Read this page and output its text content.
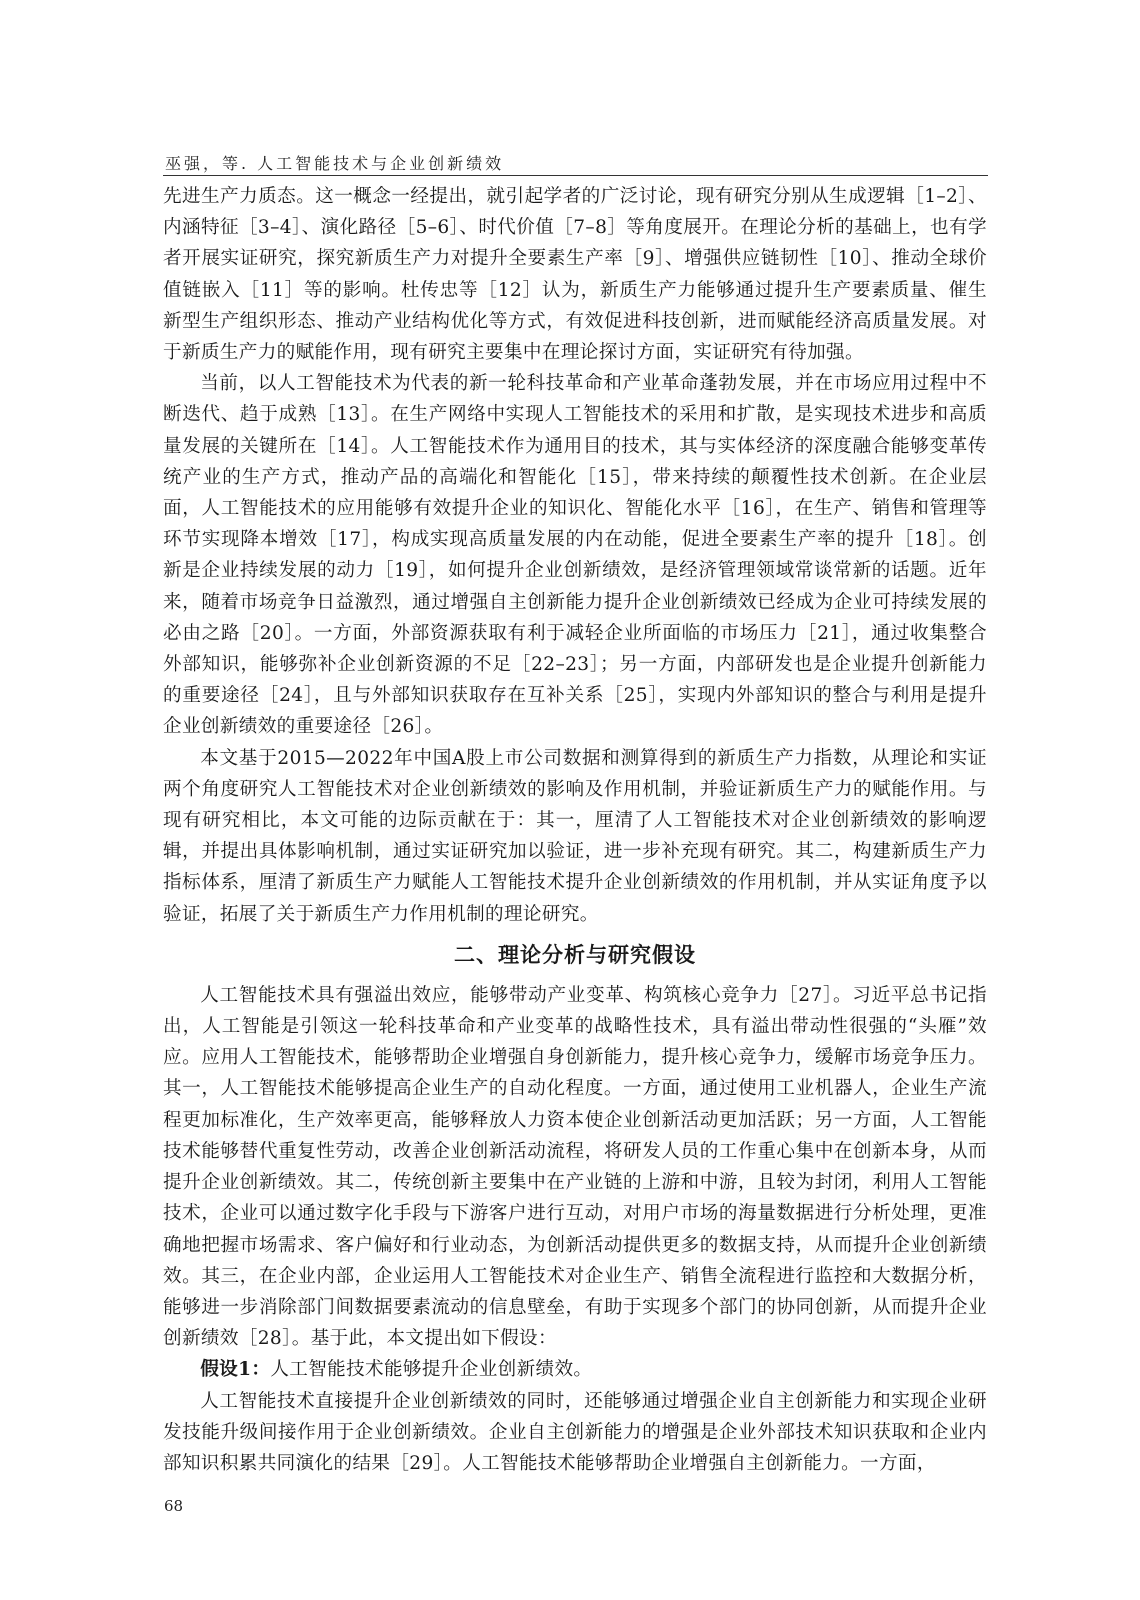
巫强，等. 人工智能技术与企业创新绩效

先进生产力质态。这一概念一经提出，就引起学者的广泛讨论，现有研究分别从生成逻辑［1–2］、内涵特征［3–4］、演化路径［5–6］、时代价值［7–8］等角度展开。在理论分析的基础上，也有学者开展实证研究，探究新质生产力对提升全要素生产率［9］、增强供应链韧性［10］、推动全球价值链嵌入［11］等的影响。杜传忠等［12］认为，新质生产力能够通过提升生产要素质量、催生新型生产组织形态、推动产业结构优化等方式，有效促进科技创新，进而赋能经济高质量发展。对于新质生产力的赋能作用，现有研究主要集中在理论探讨方面，实证研究有待加强。

当前，以人工智能技术为代表的新一轮科技革命和产业革命蓬勃发展，并在市场应用过程中不断迭代、趋于成熟［13］。在生产网络中实现人工智能技术的采用和扩散，是实现技术进步和高质量发展的关键所在［14］。人工智能技术作为通用目的技术，其与实体经济的深度融合能够变革传统产业的生产方式，推动产品的高端化和智能化［15］，带来持续的颠覆性技术创新。在企业层面，人工智能技术的应用能够有效提升企业的知识化、智能化水平［16］，在生产、销售和管理等环节实现降本增效［17］，构成实现高质量发展的内在动能，促进全要素生产率的提升［18］。创新是企业持续发展的动力［19］，如何提升企业创新绩效，是经济管理领域常谈常新的话题。近年来，随着市场竞争日益激烈，通过增强自主创新能力提升企业创新绩效已经成为企业可持续发展的必由之路［20］。一方面，外部资源获取有利于减轻企业所面临的市场压力［21］，通过收集整合外部知识，能够弥补企业创新资源的不足［22–23］；另一方面，内部研发也是企业提升创新能力的重要途径［24］，且与外部知识获取存在互补关系［25］，实现内外部知识的整合与利用是提升企业创新绩效的重要途径［26］。

本文基于2015—2022年中国A股上市公司数据和测算得到的新质生产力指数，从理论和实证两个角度研究人工智能技术对企业创新绩效的影响及作用机制，并验证新质生产力的赋能作用。与现有研究相比，本文可能的边际贡献在于：其一，厘清了人工智能技术对企业创新绩效的影响逻辑，并提出具体影响机制，通过实证研究加以验证，进一步补充现有研究。其二，构建新质生产力指标体系，厘清了新质生产力赋能人工智能技术提升企业创新绩效的作用机制，并从实证角度予以验证，拓展了关于新质生产力作用机制的理论研究。

二、理论分析与研究假设

人工智能技术具有强溢出效应，能够带动产业变革、构筑核心竞争力［27］。习近平总书记指出，人工智能是引领这一轮科技革命和产业变革的战略性技术，具有溢出带动性很强的“头雁”效应。应用人工智能技术，能够帮助企业增强自身创新能力，提升核心竞争力，缓解市场竞争压力。其一，人工智能技术能够提高企业生产的自动化程度。一方面，通过使用工业机器人，企业生产流程更加标准化，生产效率更高，能够释放人力资本使企业创新活动更加活跃；另一方面，人工智能技术能够替代重复性劳动，改善企业创新活动流程，将研发人员的工作重心集中在创新本身，从而提升企业创新绩效。其二，传统创新主要集中在产业链的上游和中游，且较为封闭，利用人工智能技术，企业可以通过数字化手段与下游客户进行互动，对用户市场的海量数据进行分析处理，更准确地把握市场需求、客户偏好和行业动态，为创新活动提供更多的数据支持，从而提升企业创新绩效。其三，在企业内部，企业运用人工智能技术对企业生产、销售全流程进行监控和大数据分析，能够进一步消除部门间数据要素流动的信息壁垒，有助于实现多个部门的协同创新，从而提升企业创新绩效［28］。基于此，本文提出如下假设：

假设1：人工智能技术能够提升企业创新绩效。

人工智能技术直接提升企业创新绩效的同时，还能够通过增强企业自主创新能力和实现企业研发技能升级间接作用于企业创新绩效。企业自主创新能力的增强是企业外部技术知识获取和企业内部知识积累共同演化的结果［29］。人工智能技术能够帮助企业增强自主创新能力。一方面，

68
